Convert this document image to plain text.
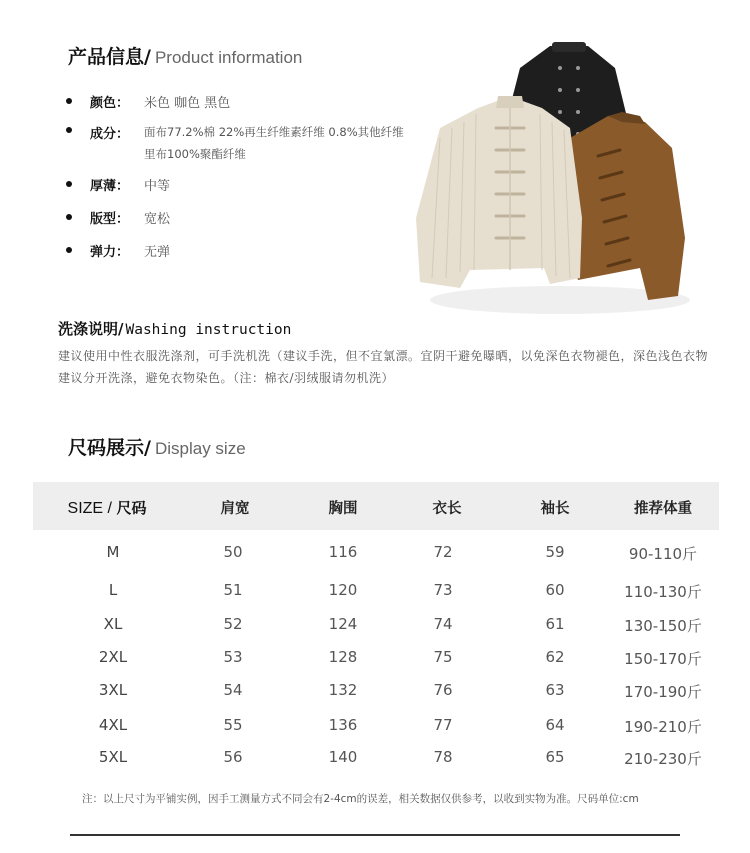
产品信息/ Product information
颜色：	米色 咖色 黑色
成分：	面布77.2%棉 22%再生纤维素纤维 0.8%其他纤维
里布100%聚酯纤维
厚薄：	中等
版型：	宽松
弹力：	无弹
洗涤说明/ Washing instruction
建议使用中性衣服洗涤剂，可手洗机洗（建议手洗，但不宜氯漂。宜阴干避免曝晒，以免深色衣物褪色，深色浅色衣物建议分开洗涤，避免衣物染色。（注：棉衣/羽绒服请勿机洗）
尺码展示/ Display size
SIZE / 尺码	肩宽	胸围	衣长	袖长	推荐体重
M	50	116	72	59	90-110斤
L	51	120	73	60	110-130斤
XL	52	124	74	61	130-150斤
2XL	53	128	75	62	150-170斤
3XL	54	132	76	63	170-190斤
4XL	55	136	77	64	190-210斤
5XL	56	140	78	65	210-230斤
注：以上尺寸为平铺实例，因手工测量方式不同会有2-4cm的误差，相关数据仅供参考，以收到实物为准。尺码单位:cm
